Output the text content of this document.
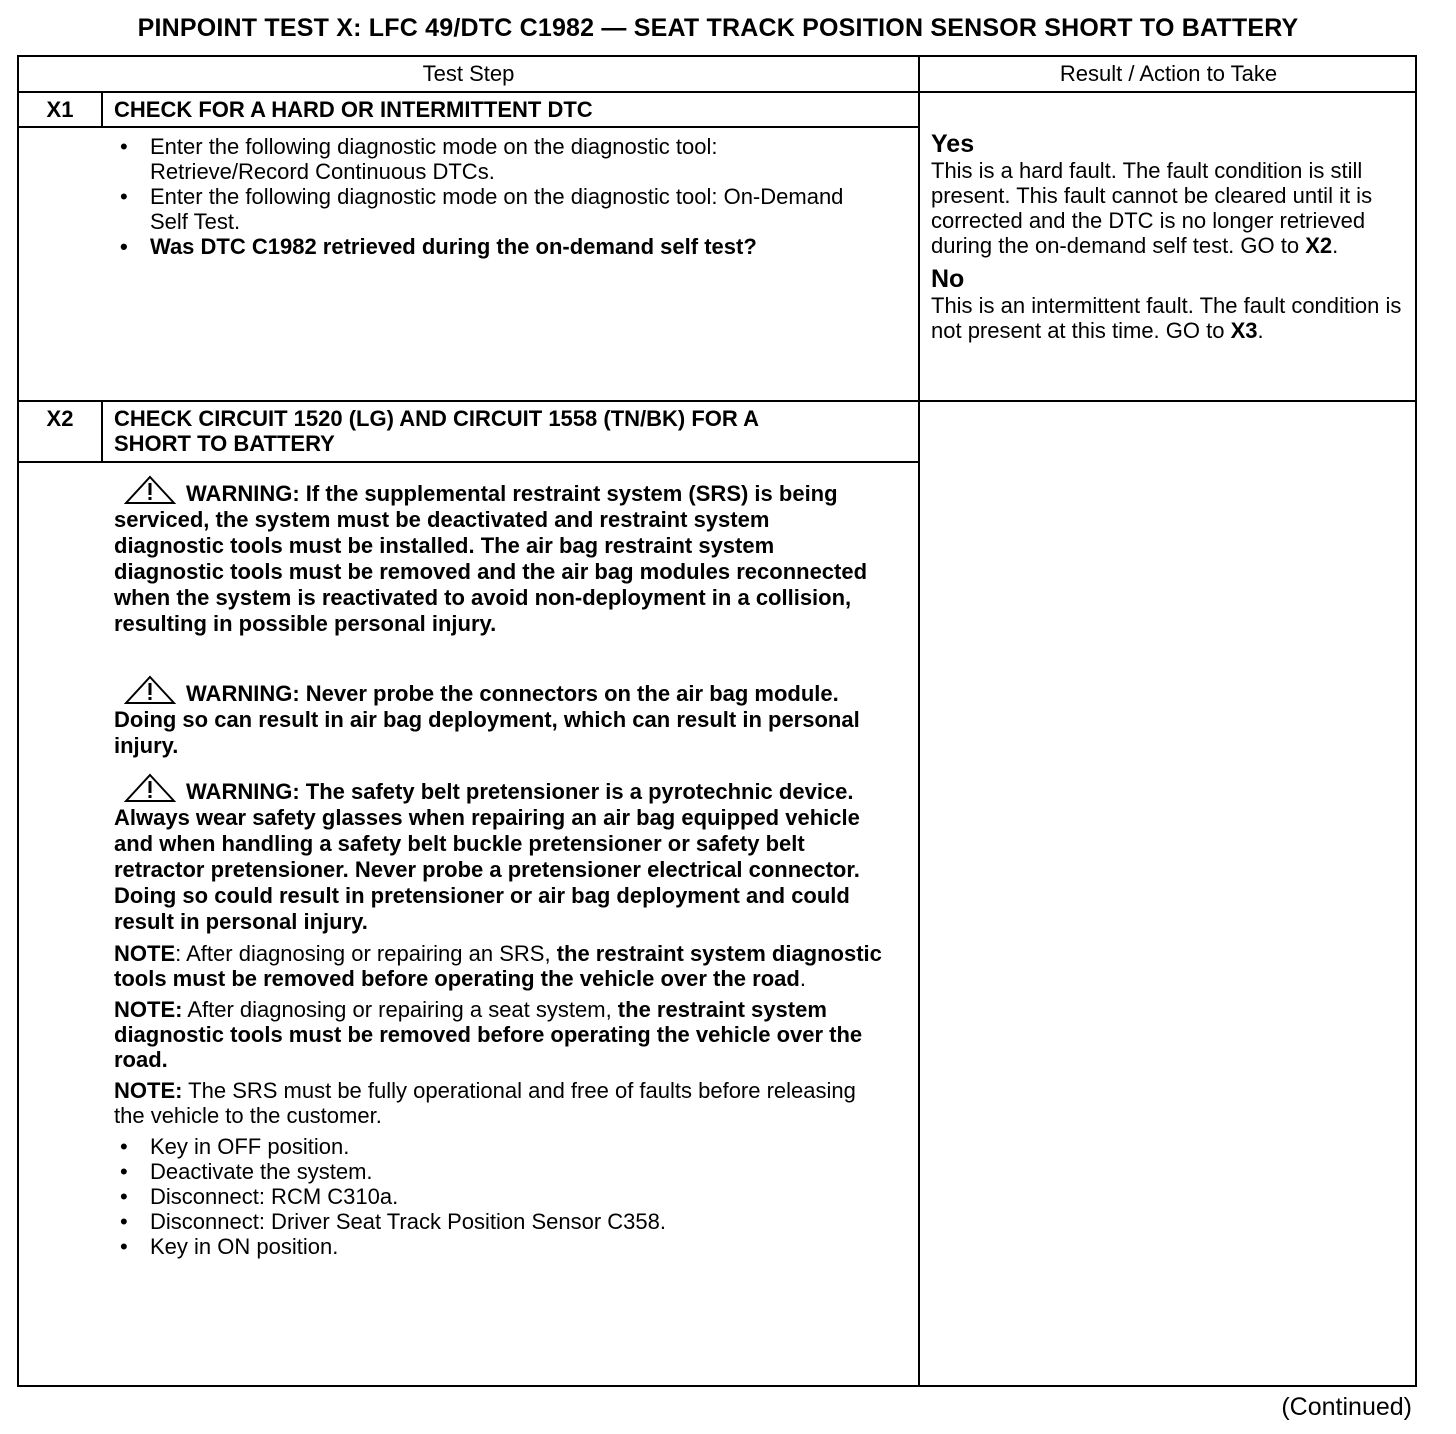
PINPOINT TEST X: LFC 49/DTC C1982 — SEAT TRACK POSITION SENSOR SHORT TO BATTERY
Test Step	Result / Action to Take
X1	CHECK FOR A HARD OR INTERMITTENT DTC
• Enter the following diagnostic mode on the diagnostic tool: Retrieve/Record Continuous DTCs.
• Enter the following diagnostic mode on the diagnostic tool: On-Demand Self Test.
• Was DTC C1982 retrieved during the on-demand self test?
Yes
This is a hard fault. The fault condition is still present. This fault cannot be cleared until it is corrected and the DTC is no longer retrieved during the on-demand self test. GO to X2.
No
This is an intermittent fault. The fault condition is not present at this time. GO to X3.
X2	CHECK CIRCUIT 1520 (LG) AND CIRCUIT 1558 (TN/BK) FOR A
SHORT TO BATTERY
WARNING: If the supplemental restraint system (SRS) is being serviced, the system must be deactivated and restraint system diagnostic tools must be installed. The air bag restraint system diagnostic tools must be removed and the air bag modules reconnected when the system is reactivated to avoid non-deployment in a collision, resulting in possible personal injury.
WARNING: Never probe the connectors on the air bag module. Doing so can result in air bag deployment, which can result in personal injury.
WARNING: The safety belt pretensioner is a pyrotechnic device. Always wear safety glasses when repairing an air bag equipped vehicle and when handling a safety belt buckle pretensioner or safety belt retractor pretensioner. Never probe a pretensioner electrical connector. Doing so could result in pretensioner or air bag deployment and could result in personal injury.
NOTE: After diagnosing or repairing an SRS, the restraint system diagnostic tools must be removed before operating the vehicle over the road.
NOTE: After diagnosing or repairing a seat system, the restraint system diagnostic tools must be removed before operating the vehicle over the road.
NOTE: The SRS must be fully operational and free of faults before releasing the vehicle to the customer.
• Key in OFF position.
• Deactivate the system.
• Disconnect: RCM C310a.
• Disconnect: Driver Seat Track Position Sensor C358.
• Key in ON position.
(Continued)
